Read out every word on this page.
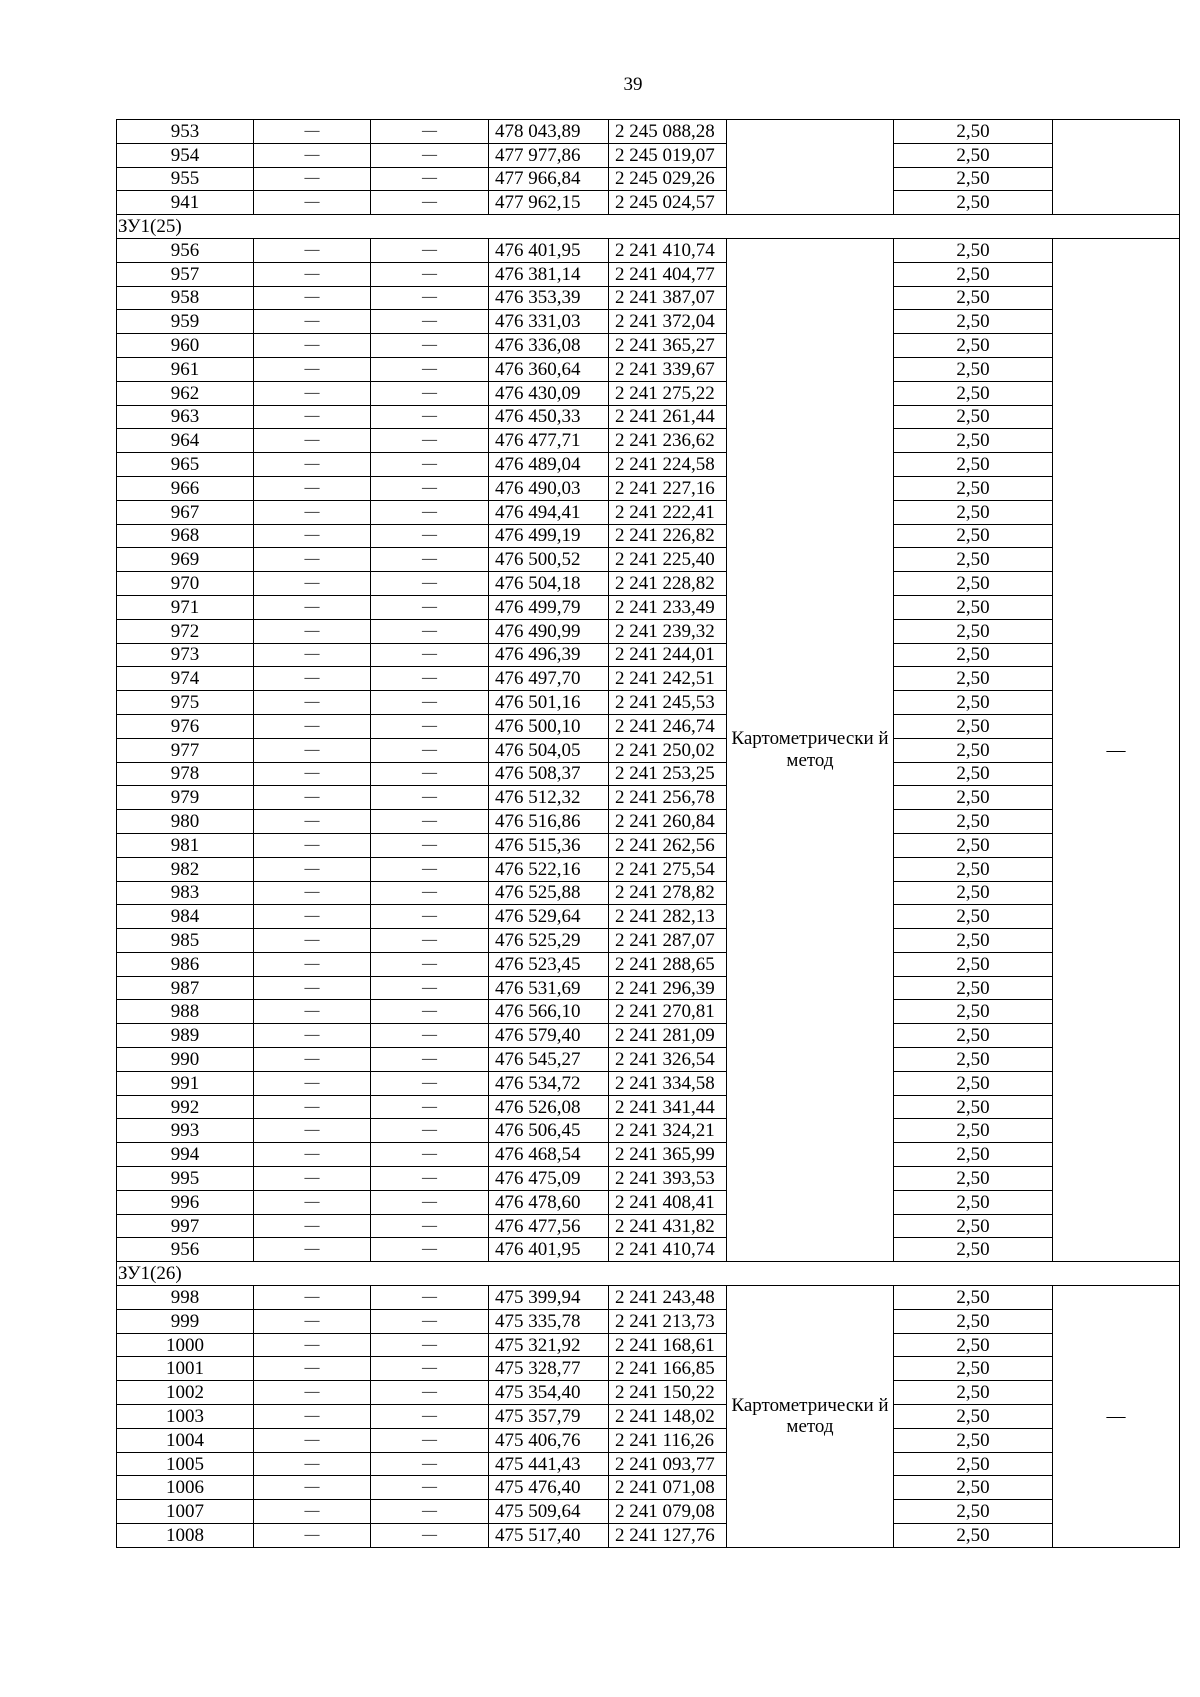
39
953	—	—	478 043,89	2 245 088,28		2,50	
954	—	—	477 977,86	2 245 019,07		2,50	
955	—	—	477 966,84	2 245 029,26		2,50	
941	—	—	477 962,15	2 245 024,57		2,50	
ЗУ1(25)							
956	—	—	476 401,95	2 241 410,74	Картометрически й метод	2,50	—
957	—	—	476 381,14	2 241 404,77		2,50	
958	—	—	476 353,39	2 241 387,07		2,50	
959	—	—	476 331,03	2 241 372,04		2,50	
960	—	—	476 336,08	2 241 365,27		2,50	
961	—	—	476 360,64	2 241 339,67		2,50	
962	—	—	476 430,09	2 241 275,22		2,50	
963	—	—	476 450,33	2 241 261,44		2,50	
964	—	—	476 477,71	2 241 236,62		2,50	
965	—	—	476 489,04	2 241 224,58		2,50	
966	—	—	476 490,03	2 241 227,16		2,50	
967	—	—	476 494,41	2 241 222,41		2,50	
968	—	—	476 499,19	2 241 226,82		2,50	
969	—	—	476 500,52	2 241 225,40		2,50	
970	—	—	476 504,18	2 241 228,82		2,50	
971	—	—	476 499,79	2 241 233,49		2,50	
972	—	—	476 490,99	2 241 239,32		2,50	
973	—	—	476 496,39	2 241 244,01		2,50	
974	—	—	476 497,70	2 241 242,51		2,50	
975	—	—	476 501,16	2 241 245,53		2,50	
976	—	—	476 500,10	2 241 246,74		2,50	
977	—	—	476 504,05	2 241 250,02		2,50	
978	—	—	476 508,37	2 241 253,25		2,50	
979	—	—	476 512,32	2 241 256,78		2,50	
980	—	—	476 516,86	2 241 260,84		2,50	
981	—	—	476 515,36	2 241 262,56		2,50	
982	—	—	476 522,16	2 241 275,54		2,50	
983	—	—	476 525,88	2 241 278,82		2,50	
984	—	—	476 529,64	2 241 282,13		2,50	
985	—	—	476 525,29	2 241 287,07		2,50	
986	—	—	476 523,45	2 241 288,65		2,50	
987	—	—	476 531,69	2 241 296,39		2,50	
988	—	—	476 566,10	2 241 270,81		2,50	
989	—	—	476 579,40	2 241 281,09		2,50	
990	—	—	476 545,27	2 241 326,54		2,50	
991	—	—	476 534,72	2 241 334,58		2,50	
992	—	—	476 526,08	2 241 341,44		2,50	
993	—	—	476 506,45	2 241 324,21		2,50	
994	—	—	476 468,54	2 241 365,99		2,50	
995	—	—	476 475,09	2 241 393,53		2,50	
996	—	—	476 478,60	2 241 408,41		2,50	
997	—	—	476 477,56	2 241 431,82		2,50	
956	—	—	476 401,95	2 241 410,74		2,50	
ЗУ1(26)							
998	—	—	475 399,94	2 241 243,48	Картометрически й метод	2,50	—
999	—	—	475 335,78	2 241 213,73		2,50	
1000	—	—	475 321,92	2 241 168,61		2,50	
1001	—	—	475 328,77	2 241 166,85		2,50	
1002	—	—	475 354,40	2 241 150,22		2,50	
1003	—	—	475 357,79	2 241 148,02		2,50	
1004	—	—	475 406,76	2 241 116,26		2,50	
1005	—	—	475 441,43	2 241 093,77		2,50	
1006	—	—	475 476,40	2 241 071,08		2,50	
1007	—	—	475 509,64	2 241 079,08		2,50	
1008	—	—	475 517,40	2 241 127,76		2,50	
